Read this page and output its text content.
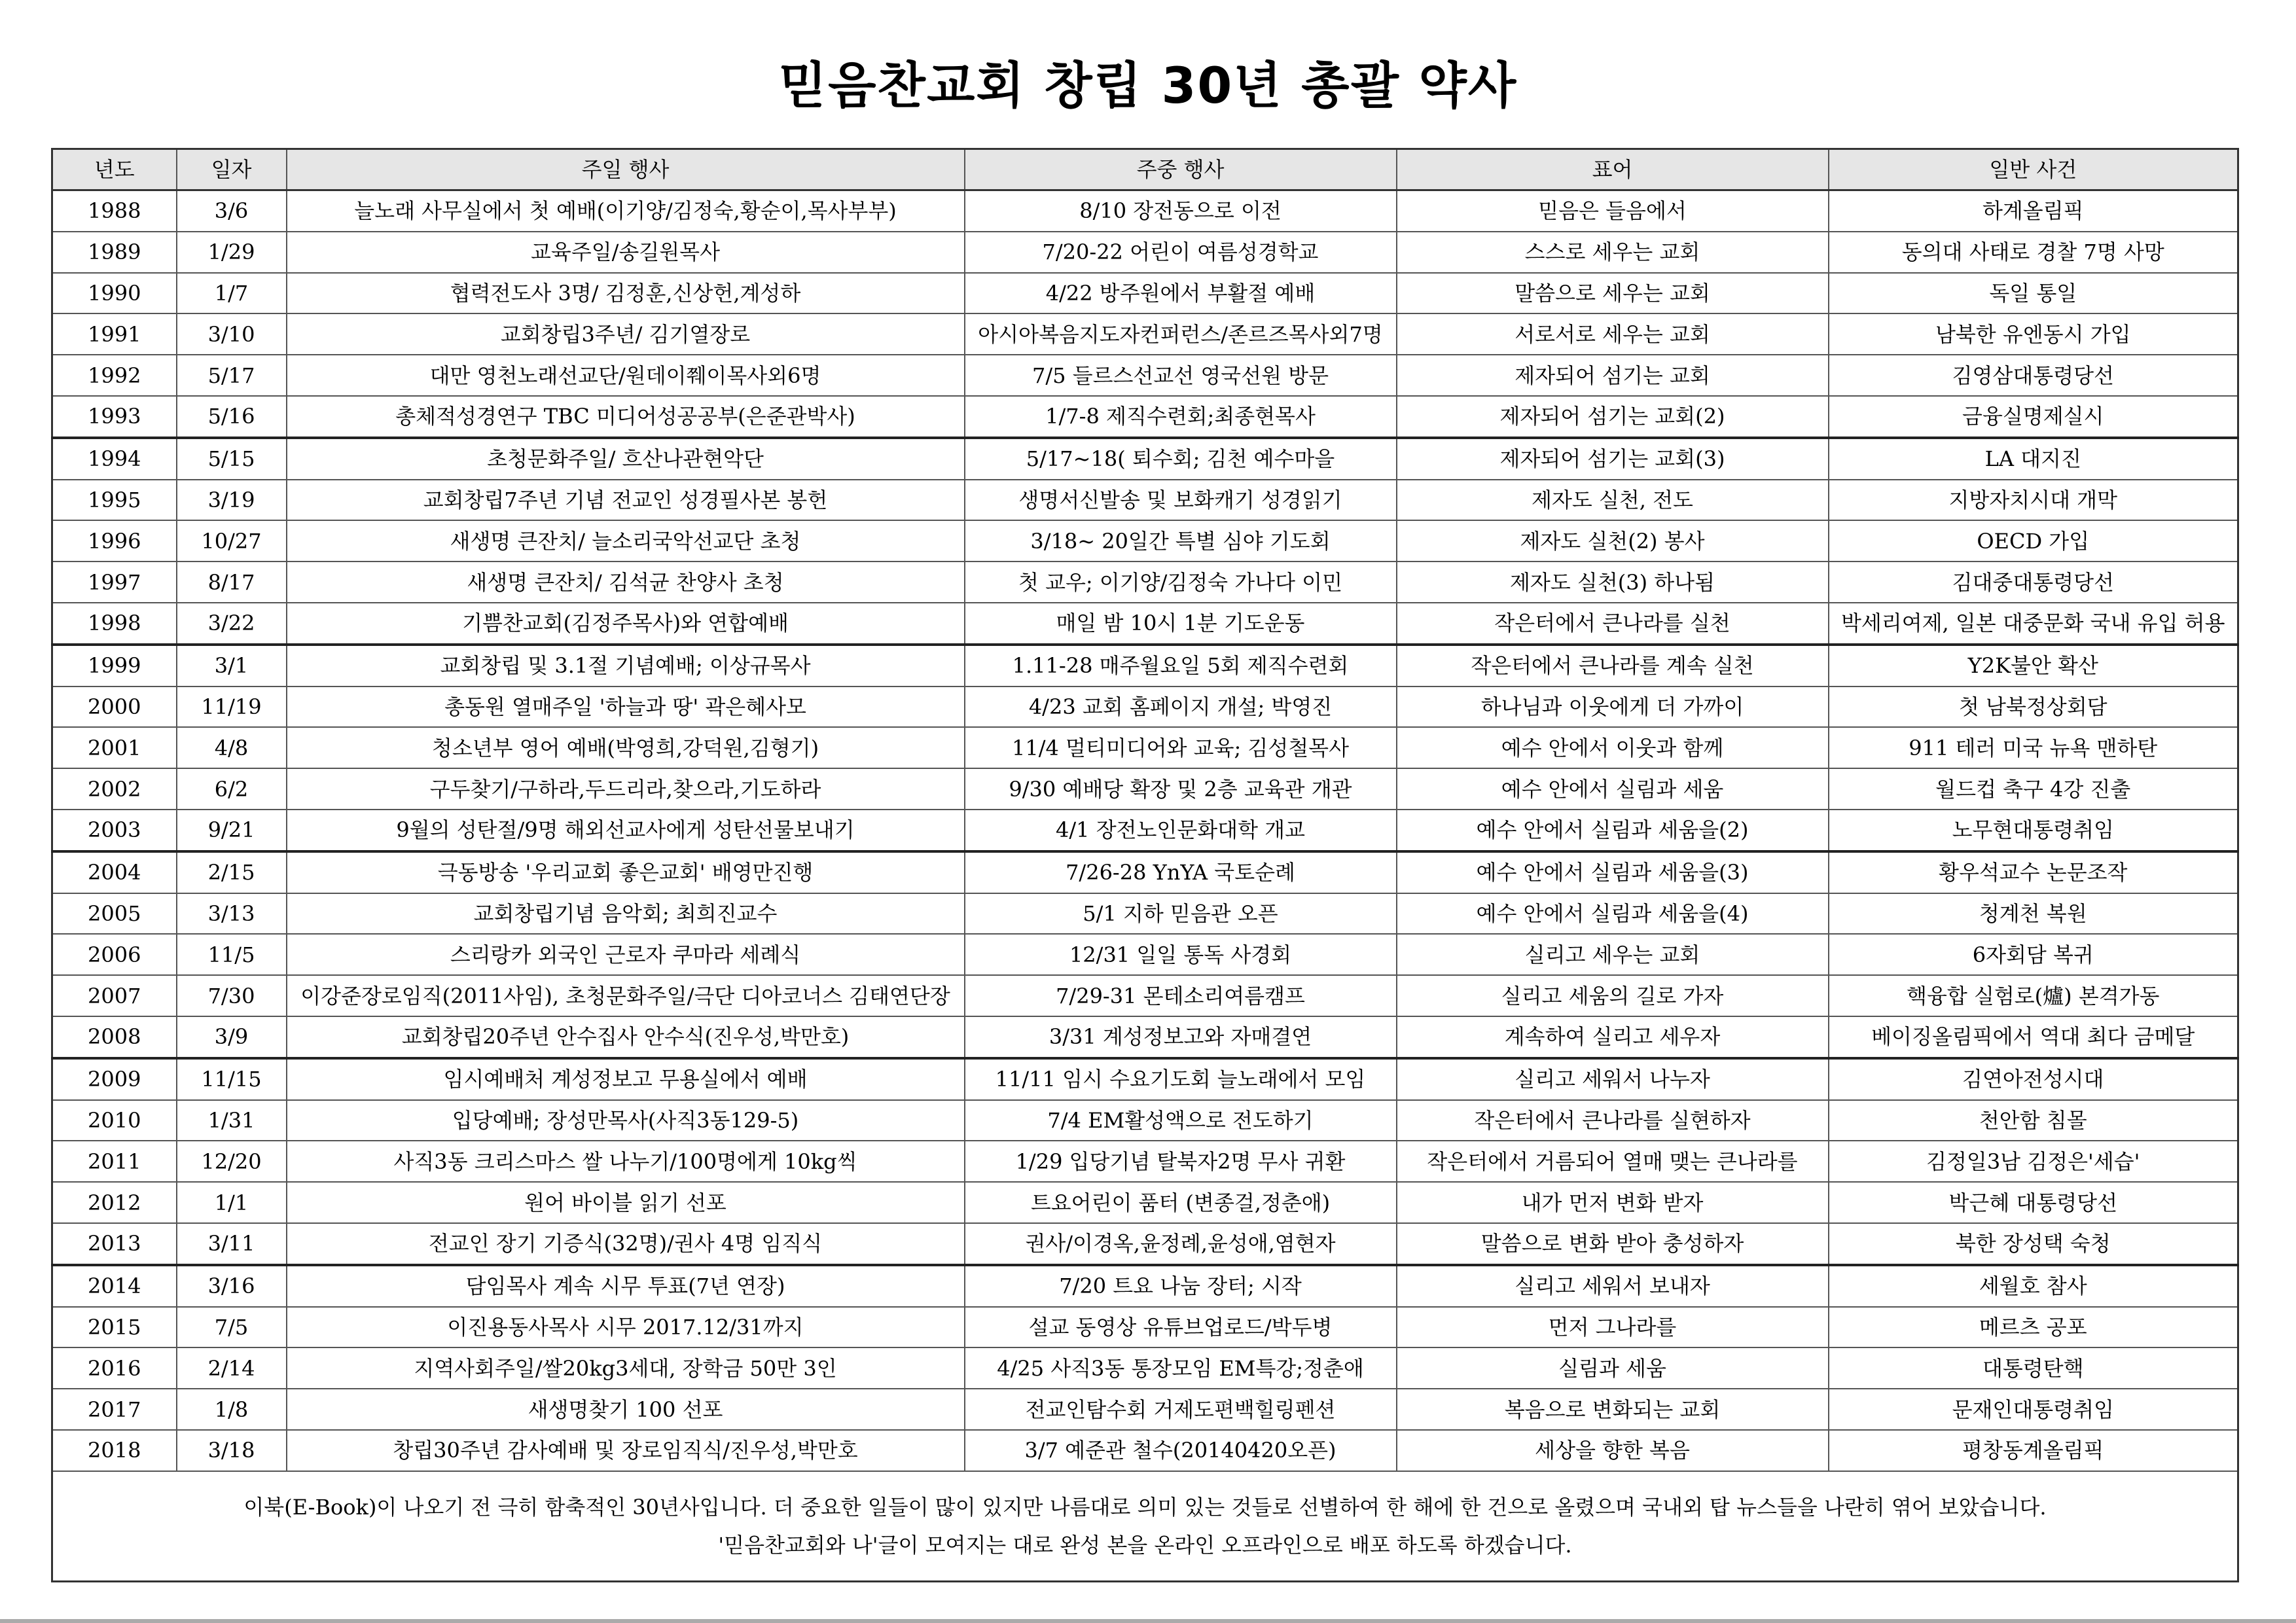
믿음찬교회 창립 30년 총괄 약사
년도	일자	주일 행사	주중 행사	표어	일반 사건
1988	3/6	늘노래 사무실에서 첫 예배(이기양/김정숙,황순이,목사부부)	8/10 장전동으로 이전	믿음은 들음에서	하계올림픽
1989	1/29	교육주일/송길원목사	7/20-22 어린이 여름성경학교	스스로 세우는 교회	동의대 사태로 경찰 7명 사망
1990	1/7	협력전도사 3명/ 김정훈,신상헌,계성하	4/22 방주원에서 부활절 예배	말씀으로 세우는 교회	독일 통일
1991	3/10	교회창립3주년/ 김기열장로	아시아복음지도자컨퍼런스/존르즈목사외7명	서로서로 세우는 교회	남북한 유엔동시 가입
1992	5/17	대만 영천노래선교단/원데이쮀이목사외6명	7/5 들르스선교선 영국선원 방문	제자되어 섬기는 교회	김영삼대통령당선
1993	5/16	총체적성경연구 TBC 미디어성공공부(은준관박사)	1/7-8 제직수련회;최종현목사	제자되어 섬기는 교회(2)	금융실명제실시
1994	5/15	초청문화주일/ 흐산나관현악단	5/17~18( 퇴수회; 김천 예수마을	제자되어 섬기는 교회(3)	LA 대지진
1995	3/19	교회창립7주년 기념 전교인 성경필사본 봉헌	생명서신발송 및 보화캐기 성경읽기	제자도 실천, 전도	지방자치시대 개막
1996	10/27	새생명 큰잔치/ 늘소리국악선교단 초청	3/18~ 20일간 특별 심야 기도회	제자도 실천(2) 봉사	OECD 가입
1997	8/17	새생명 큰잔치/ 김석균 찬양사 초청	첫 교우; 이기양/김정숙 가나다 이민	제자도 실천(3) 하나됨	김대중대통령당선
1998	3/22	기쁨찬교회(김정주목사)와 연합예배	매일 밤 10시 1분 기도운동	작은터에서 큰나라를 실천	박세리여제, 일본 대중문화 국내 유입 허용
1999	3/1	교회창립 및 3.1절 기념예배; 이상규목사	1.11-28 매주월요일 5회 제직수련회	작은터에서 큰나라를 계속 실천	Y2K불안 확산
2000	11/19	총동원 열매주일 '하늘과 땅' 곽은혜사모	4/23 교회 홈페이지 개설; 박영진	하나님과 이웃에게 더 가까이	첫 남북정상회담
2001	4/8	청소년부 영어 예배(박영희,강덕원,김형기)	11/4 멀티미디어와 교육; 김성철목사	예수 안에서 이웃과 함께	911 테러 미국 뉴욕 맨하탄
2002	6/2	구두찾기/구하라,두드리라,찾으라,기도하라	9/30 예배당 확장 및 2층 교육관 개관	예수 안에서 실림과 세움	월드컵 축구 4강 진출
2003	9/21	9월의 성탄절/9명 해외선교사에게 성탄선물보내기	4/1 장전노인문화대학 개교	예수 안에서 실림과 세움을(2)	노무현대통령취임
2004	2/15	극동방송 '우리교회 좋은교회' 배영만진행	7/26-28 YnYA 국토순례	예수 안에서 실림과 세움을(3)	황우석교수 논문조작
2005	3/13	교회창립기념 음악회; 최희진교수	5/1 지하 믿음관 오픈	예수 안에서 실림과 세움을(4)	청계천 복원
2006	11/5	스리랑카 외국인 근로자 쿠마라 세례식	12/31 일일 통독 사경회	실리고 세우는 교회	6자회담 복귀
2007	7/30	이강준장로임직(2011사임), 초청문화주일/극단 디아코너스 김태연단장	7/29-31 몬테소리여름캠프	실리고 세움의 길로 가자	핵융합 실험로(爐) 본격가동
2008	3/9	교회창립20주년 안수집사 안수식(진우성,박만호)	3/31 계성정보고와 자매결연	계속하여 실리고 세우자	베이징올림픽에서 역대 최다 금메달
2009	11/15	임시예배처 계성정보고 무용실에서 예배	11/11 임시 수요기도회 늘노래에서 모임	실리고 세워서 나누자	김연아전성시대
2010	1/31	입당예배; 장성만목사(사직3동129-5)	7/4 EM활성액으로 전도하기	작은터에서 큰나라를 실현하자	천안함 침몰
2011	12/20	사직3동 크리스마스 쌀 나누기/100명에게 10kg씩	1/29 입당기념 탈북자2명 무사 귀환	작은터에서 거름되어 열매 맺는 큰나라를	김정일3남 김정은'세습'
2012	1/1	원어 바이블 읽기 선포	트요어린이 품터 (변종걸,정춘애)	내가 먼저 변화 받자	박근혜 대통령당선
2013	3/11	전교인 장기 기증식(32명)/권사 4명 임직식	권사/이경옥,윤정례,윤성애,염현자	말씀으로 변화 받아 충성하자	북한 장성택 숙청
2014	3/16	담임목사 계속 시무 투표(7년 연장)	7/20 트요 나눔 장터; 시작	실리고 세워서 보내자	세월호 참사
2015	7/5	이진용동사목사 시무 2017.12/31까지	설교 동영상 유튜브업로드/박두병	먼저 그나라를	메르츠 공포
2016	2/14	지역사회주일/쌀20kg3세대, 장학금 50만 3인	4/25 사직3동 통장모임 EM특강;정춘애	실림과 세움	대통령탄핵
2017	1/8	새생명찾기 100 선포	전교인탐수회 거제도편백힐링펜션	복음으로 변화되는 교회	문재인대통령취임
2018	3/18	창립30주년 감사예배 및 장로임직식/진우성,박만호	3/7 예준관 철수(20140420오픈)	세상을 향한 복음	평창동계올림픽

이북(E-Book)이 나오기 전 극히 함축적인 30년사입니다. 더 중요한 일들이 많이 있지만 나름대로 의미 있는 것들로 선별하여 한 해에 한 건으로 올렸으며 국내외 탑 뉴스들을 나란히 엮어 보았습니다.
'믿음찬교회와 나'글이 모여지는 대로 완성 본을 온라인 오프라인으로 배포 하도록 하겠습니다.					
